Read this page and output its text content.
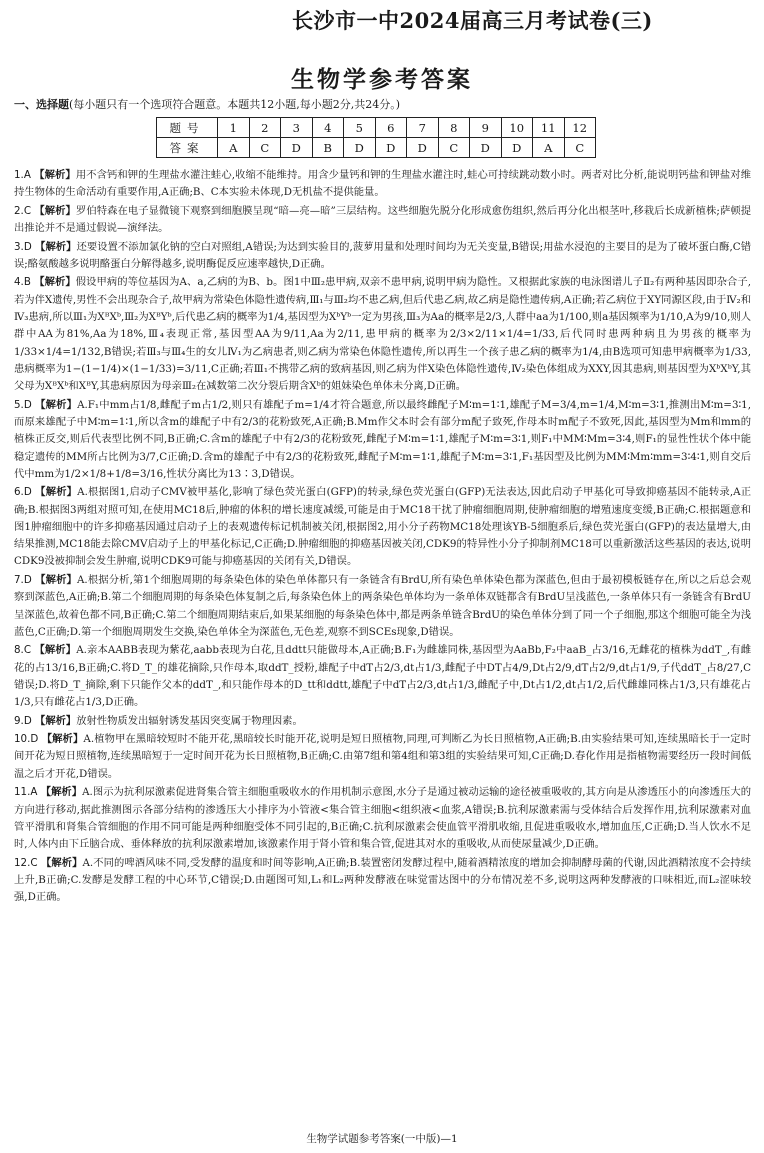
长沙市一中2024届高三月考试卷(三)
生物学参考答案
一、选择题(每小题只有一个选项符合题意。本题共12小题,每小题2分,共24分。)
题号	1	2	3	4	5	6	7	8	9	10	11	12
答案	A	C	D	B	D	D	D	C	D	D	A	C
1.A 【解析】用不含钙和钾的生理盐水灌注蛙心,收缩不能维持。用含少量钙和钾的生理盐水灌注时,蛙心可持续跳动数小时。两者对比分析,能说明钙盐和钾盐对维持生物体的生命活动有重要作用,A正确;B、C本实验未体现,D无机盐不提供能量。
2.C 【解析】罗伯特森在电子显微镜下观察到细胞膜呈现“暗—亮—暗”三层结构。这些细胞先脱分化形成愈伤组织,然后再分化出根茎叶,移栽后长成新植株;萨顿提出推论并不是通过假说—演绎法。
3.D 【解析】还要设置不添加氯化钠的空白对照组,A错误;为达到实验目的,菠萝用量和处理时间均为无关变量,B错误;用盐水浸泡的主要目的是为了破坏蛋白酶,C错误;酪氨酸越多说明酪蛋白分解得越多,说明酶促反应速率越快,D正确。
4.B 【解析】假设甲病的等位基因为A、a,乙病的为B、b。图1中Ⅲ₂患甲病,双亲不患甲病,说明甲病为隐性。又根据此家族的电泳图谱儿子Ⅱ₂有两种基因即杂合子,若为伴X遗传,男性不会出现杂合子,故甲病为常染色体隐性遗传病,Ⅲ₁与Ⅲ₂均不患乙病,但后代患乙病,故乙病是隐性遗传病,A正确;若乙病位于XY同源区段,由于Ⅳ₂和Ⅳ₃患病,所以Ⅲ₁为XᴮXᵇ,Ⅲ₂为XᴮYᵇ,后代患乙病的概率为1/4,基因型为XᵇYᵇ一定为男孩,Ⅲ₃为Aa的概率是2/3,人群中aa为1/100,则a基因频率为1/10,A为9/10,则人群中AA为81%,Aa为18%,Ⅲ₄表现正常,基因型AA为9/11,Aa为2/11,患甲病的概率为2/3×2/11×1/4=1/33,后代同时患两种病且为男孩的概率为1/33×1/4=1/132,B错误;若Ⅲ₃与Ⅲ₄生的女儿Ⅳ₁为乙病患者,则乙病为常染色体隐性遗传,所以再生一个孩子患乙病的概率为1/4,由B选项可知患甲病概率为1/33,患病概率为1−(1−1/4)×(1−1/33)=3/11,C正确;若Ⅲ₁不携带乙病的致病基因,则乙病为伴X染色体隐性遗传,Ⅳ₂染色体组成为XXY,因其患病,则基因型为XᵇXᵇY,其父母为XᴮXᵇ和XᴮY,其患病原因为母亲Ⅲ₂在减数第二次分裂后期含Xᵇ的姐妹染色单体未分离,D正确。
5.D 【解析】A.F₁中mm占1/8,雌配子m占1/2,则只有雄配子m=1/4才符合题意,所以最终雌配子M∶m=1∶1,雄配子M=3/4,m=1/4,M∶m=3∶1,推测出M∶m=3∶1,而原来雄配子中M∶m=1∶1,所以含m的雄配子中有2/3的花粉致死,A正确;B.Mm作父本时会有部分m配子致死,作母本时m配子不致死,因此,基因型为Mm和mm的植株正反交,则后代表型比例不同,B正确;C.含m的雄配子中有2/3的花粉致死,雌配子M∶m=1∶1,雄配子M∶m=3∶1,则F₁中MM∶Mm=3∶4,则F₁的显性性状个体中能稳定遗传的MM所占比例为3/7,C正确;D.含m的雄配子中有2/3的花粉致死,雌配子M∶m=1∶1,雄配子M∶m=3∶1,F₁基因型及比例为MM∶Mm∶mm=3∶4∶1,则自交后代中mm为1/2×1/8+1/8=3/16,性状分离比为13∶3,D错误。
6.D 【解析】A.根据图1,启动子CMV被甲基化,影响了绿色荧光蛋白(GFP)的转录,绿色荧光蛋白(GFP)无法表达,因此启动子甲基化可导致抑癌基因不能转录,A正确;B.根据图3两组对照可知,在使用MC18后,肿瘤的体积的增长速度减缓,可能是由于MC18干扰了肿瘤细胞周期,使肿瘤细胞的增殖速度变缓,B正确;C.根据题意和图1肿瘤细胞中的许多抑癌基因通过启动子上的表观遗传标记机制被关闭,根据图2,用小分子药物MC18处理该YB-5细胞系后,绿色荧光蛋白(GFP)的表达量增大,由结果推测,MC18能去除CMV启动子上的甲基化标记,C正确;D.肿瘤细胞的抑癌基因被关闭,CDK9的特异性小分子抑制剂MC18可以重新激活这些基因的表达,说明CDK9没被抑制会发生肿瘤,说明CDK9可能与抑癌基因的关闭有关,D错误。
7.D 【解析】A.根据分析,第1个细胞周期的每条染色体的染色单体都只有一条链含有BrdU,所有染色单体染色都为深蓝色,但由于最初模板链存在,所以之后总会观察到深蓝色,A正确;B.第二个细胞周期的每条染色体复制之后,每条染色体上的两条染色单体均为一条单体双链都含有BrdU呈浅蓝色,一条单体只有一条链含有BrdU呈深蓝色,故着色都不同,B正确;C.第二个细胞周期结束后,如果某细胞的每条染色体中,都是两条单链含BrdU的染色单体分到了同一个子细胞,那这个细胞可能全为浅蓝色,C正确;D.第一个细胞周期发生交换,染色单体全为深蓝色,无色差,观察不到SCEs现象,D错误。
8.C 【解析】A.亲本AABB表现为紫花,aabb表现为白花,且ddtt只能做母本,A正确;B.F₁为雌雄同株,基因型为AaBb,F₂中aaB_占3/16,无雌花的植株为ddT_,有雌花的占13/16,B正确;C.将D_T_的雄花摘除,只作母本,取ddT_授粉,雄配子中dT占2/3,dt占1/3,雌配子中DT占4/9,Dt占2/9,dT占2/9,dt占1/9,子代ddT_占8/27,C错误;D.将D_T_摘除,剩下只能作父本的ddT_,和只能作母本的D_tt和ddtt,雄配子中dT占2/3,dt占1/3,雌配子中,Dt占1/2,dt占1/2,后代雌雄同株占1/3,只有雄花占1/3,只有雌花占1/3,D正确。
9.D 【解析】放射性物质发出辐射诱发基因突变属于物理因素。
10.D 【解析】A.植物甲在黑暗较短时不能开花,黑暗较长时能开花,说明是短日照植物,同理,可判断乙为长日照植物,A正确;B.由实验结果可知,连续黑暗长于一定时间开花为短日照植物,连续黑暗短于一定时间开花为长日照植物,B正确;C.由第7组和第4组和第3组的实验结果可知,C正确;D.春化作用是指植物需要经历一段时间低温之后才开花,D错误。
11.A 【解析】A.图示为抗利尿激素促进肾集合管主细胞重吸收水的作用机制示意图,水分子是通过被动运输的途径被重吸收的,其方向是从渗透压小的向渗透压大的方向进行移动,据此推测图示各部分结构的渗透压大小排序为小管液<集合管主细胞<组织液<血浆,A错误;B.抗利尿激素需与受体结合后发挥作用,抗利尿激素对血管平滑肌和肾集合管细胞的作用不同可能是两种细胞受体不同引起的,B正确;C.抗利尿激素会使血管平滑肌收缩,且促进重吸收水,增加血压,C正确;D.当人饮水不足时,人体内由下丘脑合成、垂体释放的抗利尿激素增加,该激素作用于肾小管和集合管,促进其对水的重吸收,从而使尿量减少,D正确。
12.C 【解析】A.不同的啤酒风味不同,受发酵的温度和时间等影响,A正确;B.装置密闭发酵过程中,随着酒精浓度的增加会抑制酵母菌的代谢,因此酒精浓度不会持续上升,B正确;C.发酵是发酵工程的中心环节,C错误;D.由题图可知,L₁和L₂两种发酵液在味觉雷达图中的分布情况差不多,说明这两种发酵液的口味相近,而L₂涩味较强,D正确。
生物学试题参考答案(一中版)—1
